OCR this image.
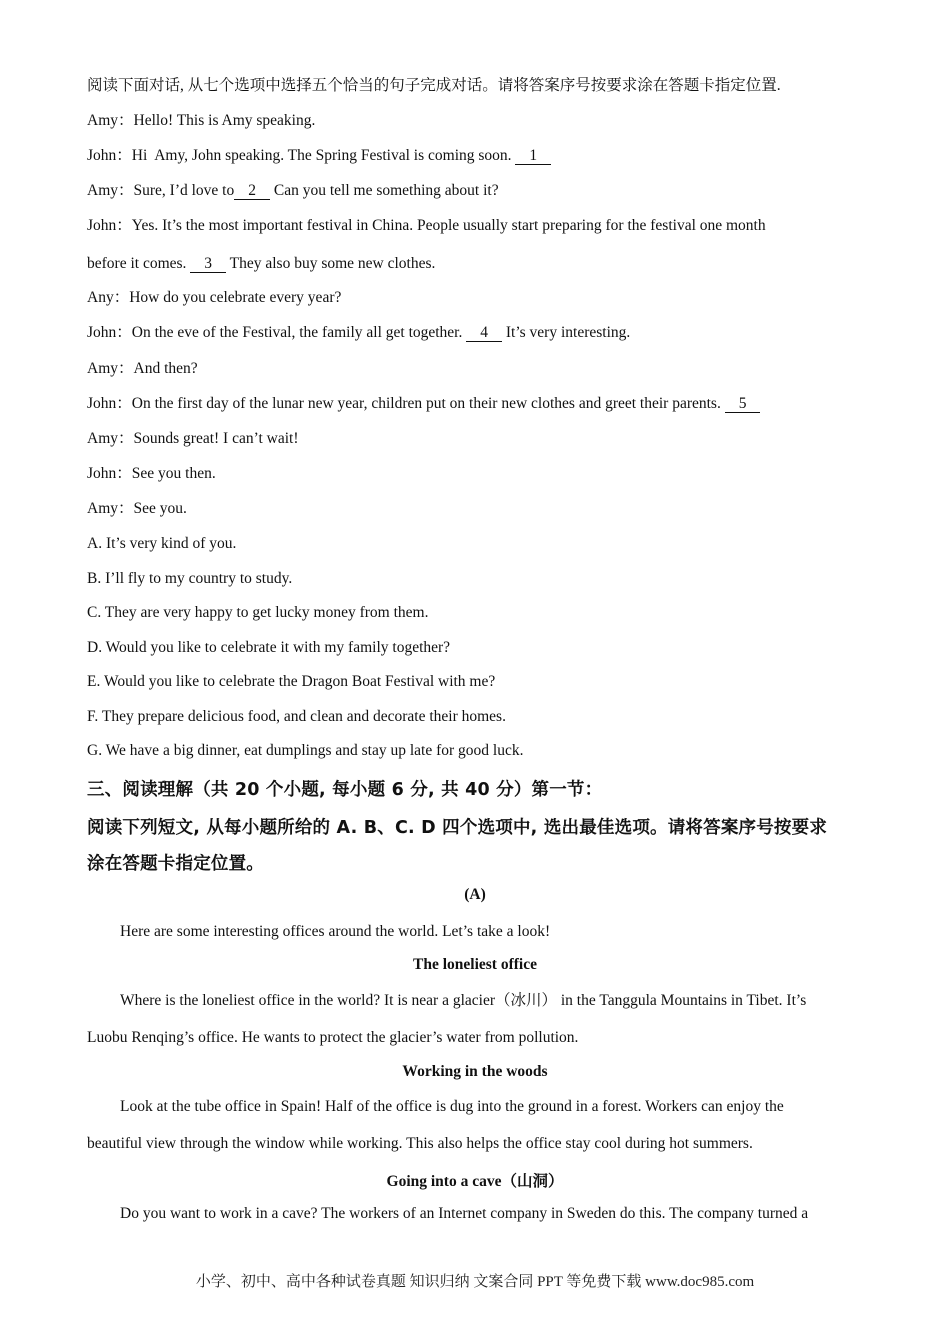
阅读下面对话, 从七个选项中选择五个恰当的句子完成对话。请将答案序号按要求涂在答题卡指定位置.
Amy：Hello! This is Amy speaking.
John：Hi  Amy, John speaking. The Spring Festival is coming soon. 1
Amy：Sure, I’d love to 2 Can you tell me something about it?
John：Yes. It’s the most important festival in China. People usually start preparing for the festival one month
before it comes. 3 They also buy some new clothes.
Any：How do you celebrate every year?
John：On the eve of the Festival, the family all get together. 4 It’s very interesting.
Amy：And then?
John：On the first day of the lunar new year, children put on their new clothes and greet their parents. 5
Amy：Sounds great! I can’t wait!
John：See you then.
Amy：See you.
A. It’s very kind of you.
B. I’ll fly to my country to study.
C. They are very happy to get lucky money from them.
D. Would you like to celebrate it with my family together?
E. Would you like to celebrate the Dragon Boat Festival with me?
F. They prepare delicious food, and clean and decorate their homes.
G. We have a big dinner, eat dumplings and stay up late for good luck.
三、阅读理解（共 20 个小题, 每小题 6 分, 共 40 分）第一节：
阅读下列短文, 从每小题所给的 A. B、C. D 四个选项中, 选出最佳选项。请将答案序号按要求
涂在答题卡指定位置。
(A)
Here are some interesting offices around the world. Let’s take a look!
The loneliest office
Where is the loneliest office in the world? It is near a glacier（冰川） in the Tanggula Mountains in Tibet. It’s
Luobu Renqing’s office. He wants to protect the glacier’s water from pollution.
Working in the woods
Look at the tube office in Spain! Half of the office is dug into the ground in a forest. Workers can enjoy the
beautiful view through the window while working. This also helps the office stay cool during hot summers.
Going into a cave（山洞）
Do you want to work in a cave? The workers of an Internet company in Sweden do this. The company turned a
小学、初中、高中各种试卷真题 知识归纳 文案合同 PPT 等免费下载 www.doc985.com
